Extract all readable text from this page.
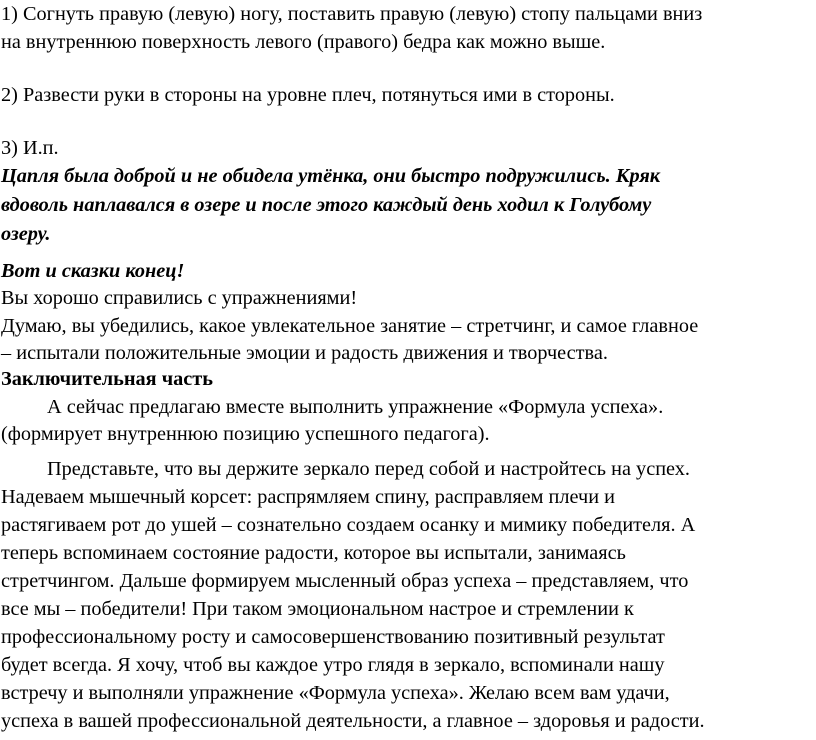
1) Согнуть правую (левую) ногу, поставить правую (левую) стопу пальцами вниз
на внутреннюю поверхность левого (правого) бедра как можно выше.
2) Развести руки в стороны на уровне плеч, потянуться ими в стороны.
3) И.п.
Цапля была доброй и не обидела утёнка, они быстро подружились. Кряк
вдоволь наплавался в озере и после этого каждый день ходил к Голубому
озеру.
Вот и сказки конец!
Вы хорошо справились с упражнениями!
Думаю, вы убедились, какое увлекательное занятие – стретчинг, и самое главное
– испытали положительные эмоции и радость движения и творчества.
Заключительная часть
А сейчас предлагаю вместе выполнить упражнение «Формула успеха».
(формирует внутреннюю позицию успешного педагога).
Представьте, что вы держите зеркало перед собой и настройтесь на успех.
Надеваем мышечный корсет: распрямляем спину, расправляем плечи и
растягиваем рот до ушей – сознательно создаем осанку и мимику победителя. А
теперь вспоминаем состояние радости, которое вы испытали, занимаясь
стретчингом. Дальше формируем мысленный образ успеха – представляем, что
все мы – победители! При таком эмоциональном настрое и стремлении к
профессиональному росту и самосовершенствованию позитивный результат
будет всегда. Я хочу, чтоб вы каждое утро глядя в зеркало, вспоминали нашу
встречу и выполняли упражнение «Формула успеха». Желаю всем вам удачи,
успеха в вашей профессиональной деятельности, а главное – здоровья и радости.
